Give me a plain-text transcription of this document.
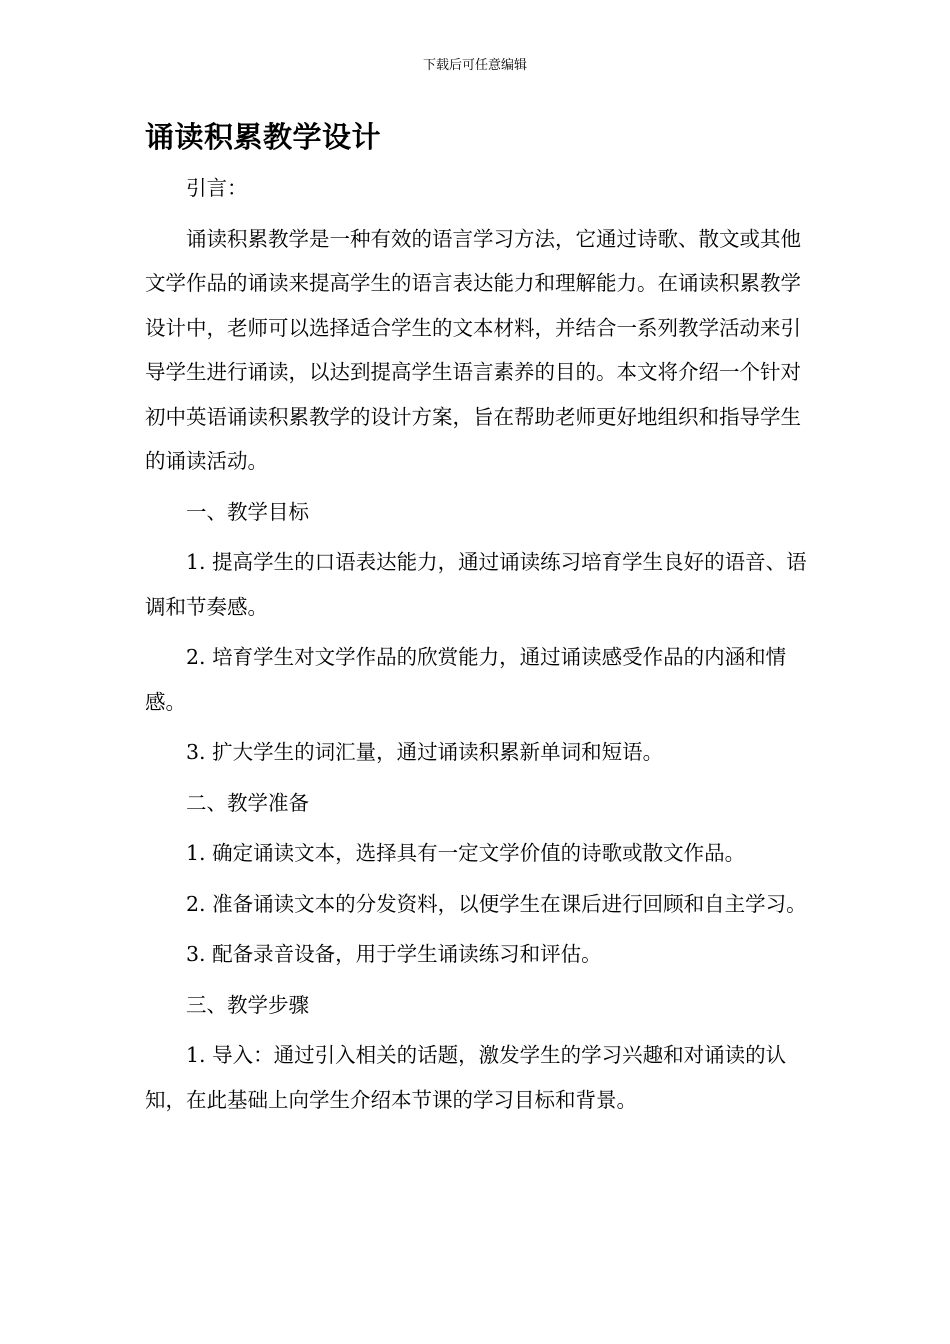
下载后可任意编辑
诵读积累教学设计

引言：

诵读积累教学是一种有效的语言学习方法，它通过诗歌、散文或其他文学作品的诵读来提高学生的语言表达能力和理解能力。在诵读积累教学设计中，老师可以选择适合学生的文本材料，并结合一系列教学活动来引导学生进行诵读，以达到提高学生语言素养的目的。本文将介绍一个针对初中英语诵读积累教学的设计方案，旨在帮助老师更好地组织和指导学生的诵读活动。

一、教学目标

1. 提高学生的口语表达能力，通过诵读练习培育学生良好的语音、语调和节奏感。

2. 培育学生对文学作品的欣赏能力，通过诵读感受作品的内涵和情感。

3. 扩大学生的词汇量，通过诵读积累新单词和短语。

二、教学准备

1. 确定诵读文本，选择具有一定文学价值的诗歌或散文作品。

2. 准备诵读文本的分发资料，以便学生在课后进行回顾和自主学习。

3. 配备录音设备，用于学生诵读练习和评估。

三、教学步骤

1. 导入：通过引入相关的话题，激发学生的学习兴趣和对诵读的认知，在此基础上向学生介绍本节课的学习目标和背景。
